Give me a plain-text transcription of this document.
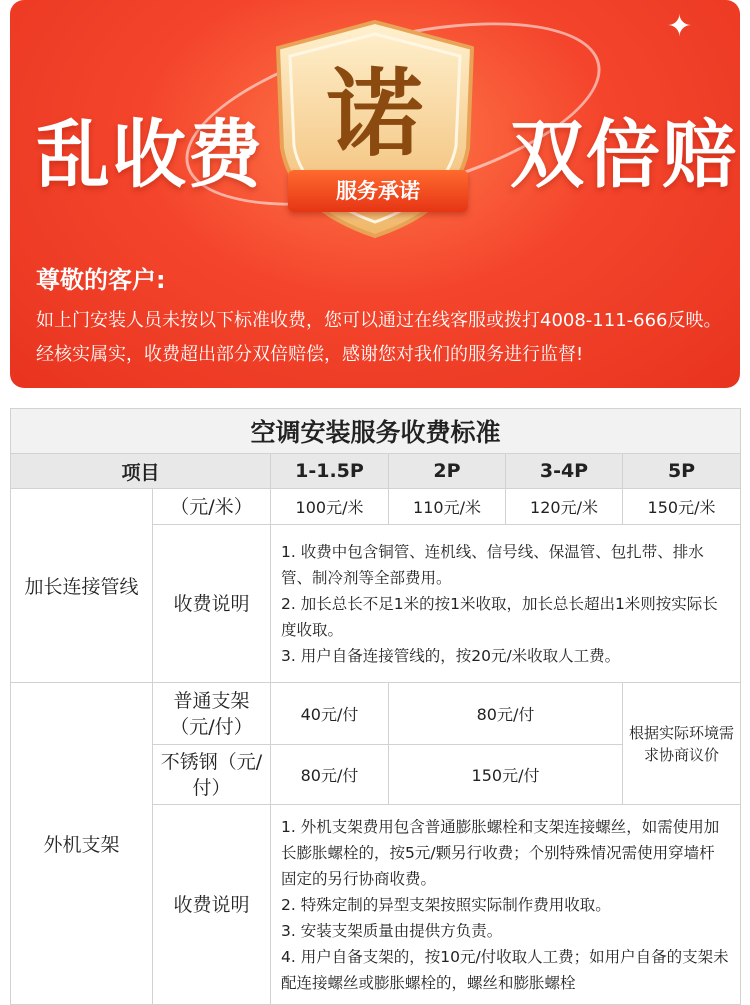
✦
乱收费 诺
服务承诺	双倍赔
尊敬的客户:
如上门安装人员未按以下标准收费，您可以通过在线客服或拨打4008-111-666反映。
经核实属实，收费超出部分双倍赔偿，感谢您对我们的服务进行监督!
空调安装服务收费标准					
项目		1-1.5P	2P	3-4P	5P
加长连接管线	（元/米）	100元/米	110元/米	120元/米	150元/米
	收费说明	1. 收费中包含铜管、连机线、信号线、保温管、包扎带、排水管、制冷剂等全部费用。

2. 加长总长不足1米的按1米收取，加长总长超出1米则按实际长度收取。

3. 用户自备连接管线的，按20元/米收取人工费。			

外机支架	普通支架（元/付）	40元/付	80元/付		根据实际环境需求协商议价
	不锈钢（元/付）	80元/付	150元/付		
	收费说明	1. 外机支架费用包含普通膨胀螺栓和支架连接螺丝，如需使用加长膨胀螺栓的，按5元/颗另行收费；个别特殊情况需使用穿墙杆固定的另行协商收费。

2. 特殊定制的异型支架按照实际制作费用收取。

3. 安装支架质量由提供方负责。

4. 用户自备支架的，按10元/付收取人工费；如用户自备的支架未配连接螺丝或膨胀螺栓的，螺丝和膨胀螺栓			
